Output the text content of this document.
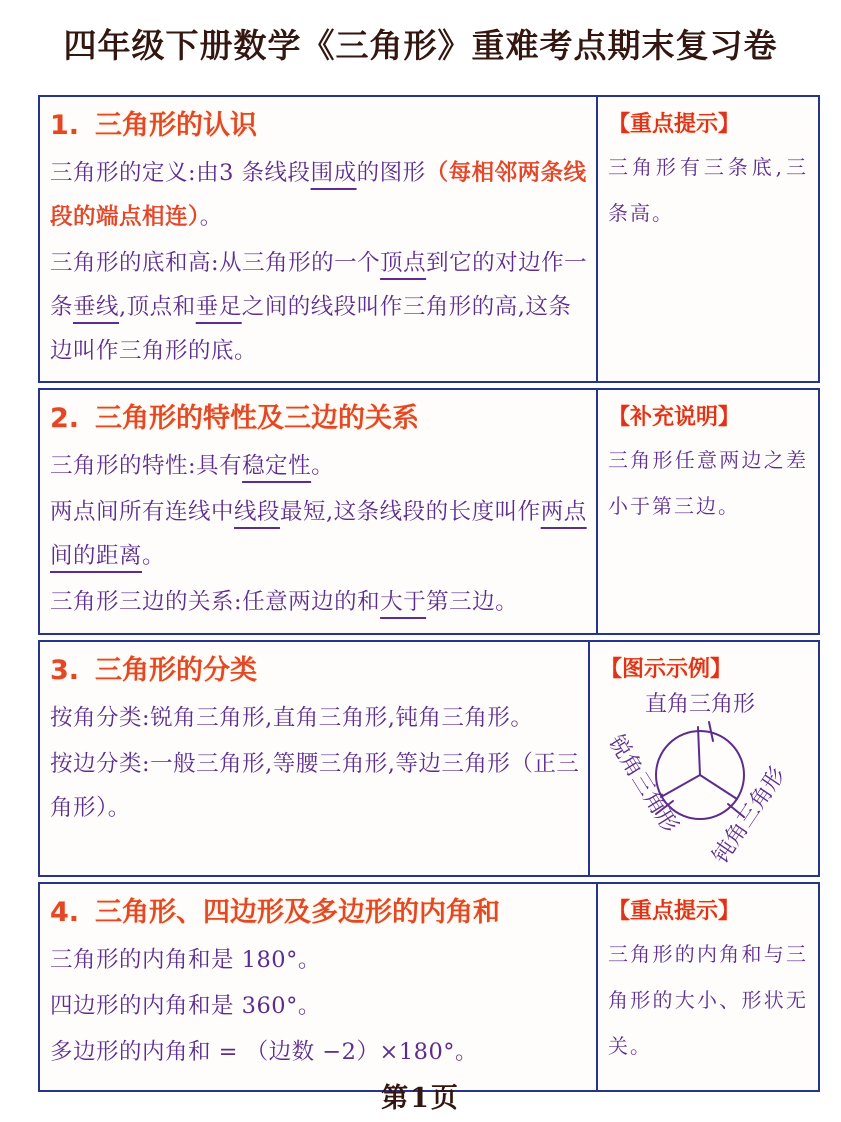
四年级下册数学《三角形》重难考点期末复习卷
1. 三角形的认识

三角形的定义:由3 条线段围成的图形（每相邻两条线段的端点相连）。

三角形的底和高:从三角形的一个顶点到它的对边作一条垂线,顶点和垂足之间的线段叫作三角形的高,这条边叫作三角形的底。

【重点提示】
三角形有三条底,三条高。
2. 三角形的特性及三边的关系

三角形的特性:具有稳定性。

两点间所有连线中线段最短,这条线段的长度叫作两点间的距离。

三角形三边的关系:任意两边的和大于第三边。

【补充说明】
三角形任意两边之差小于第三边。
3. 三角形的分类

按角分类:锐角三角形,直角三角形,钝角三角形。

按边分类:一般三角形,等腰三角形,等边三角形（正三角形）。

【图示示例】
直角三角形
锐角三角形 钝角三角形
4. 三角形、四边形及多边形的内角和

三角形的内角和是 180°。

四边形的内角和是 360°。

多边形的内角和 = （边数 −2）×180°。

【重点提示】
三角形的内角和与三角形的大小、形状无关。
第1页
